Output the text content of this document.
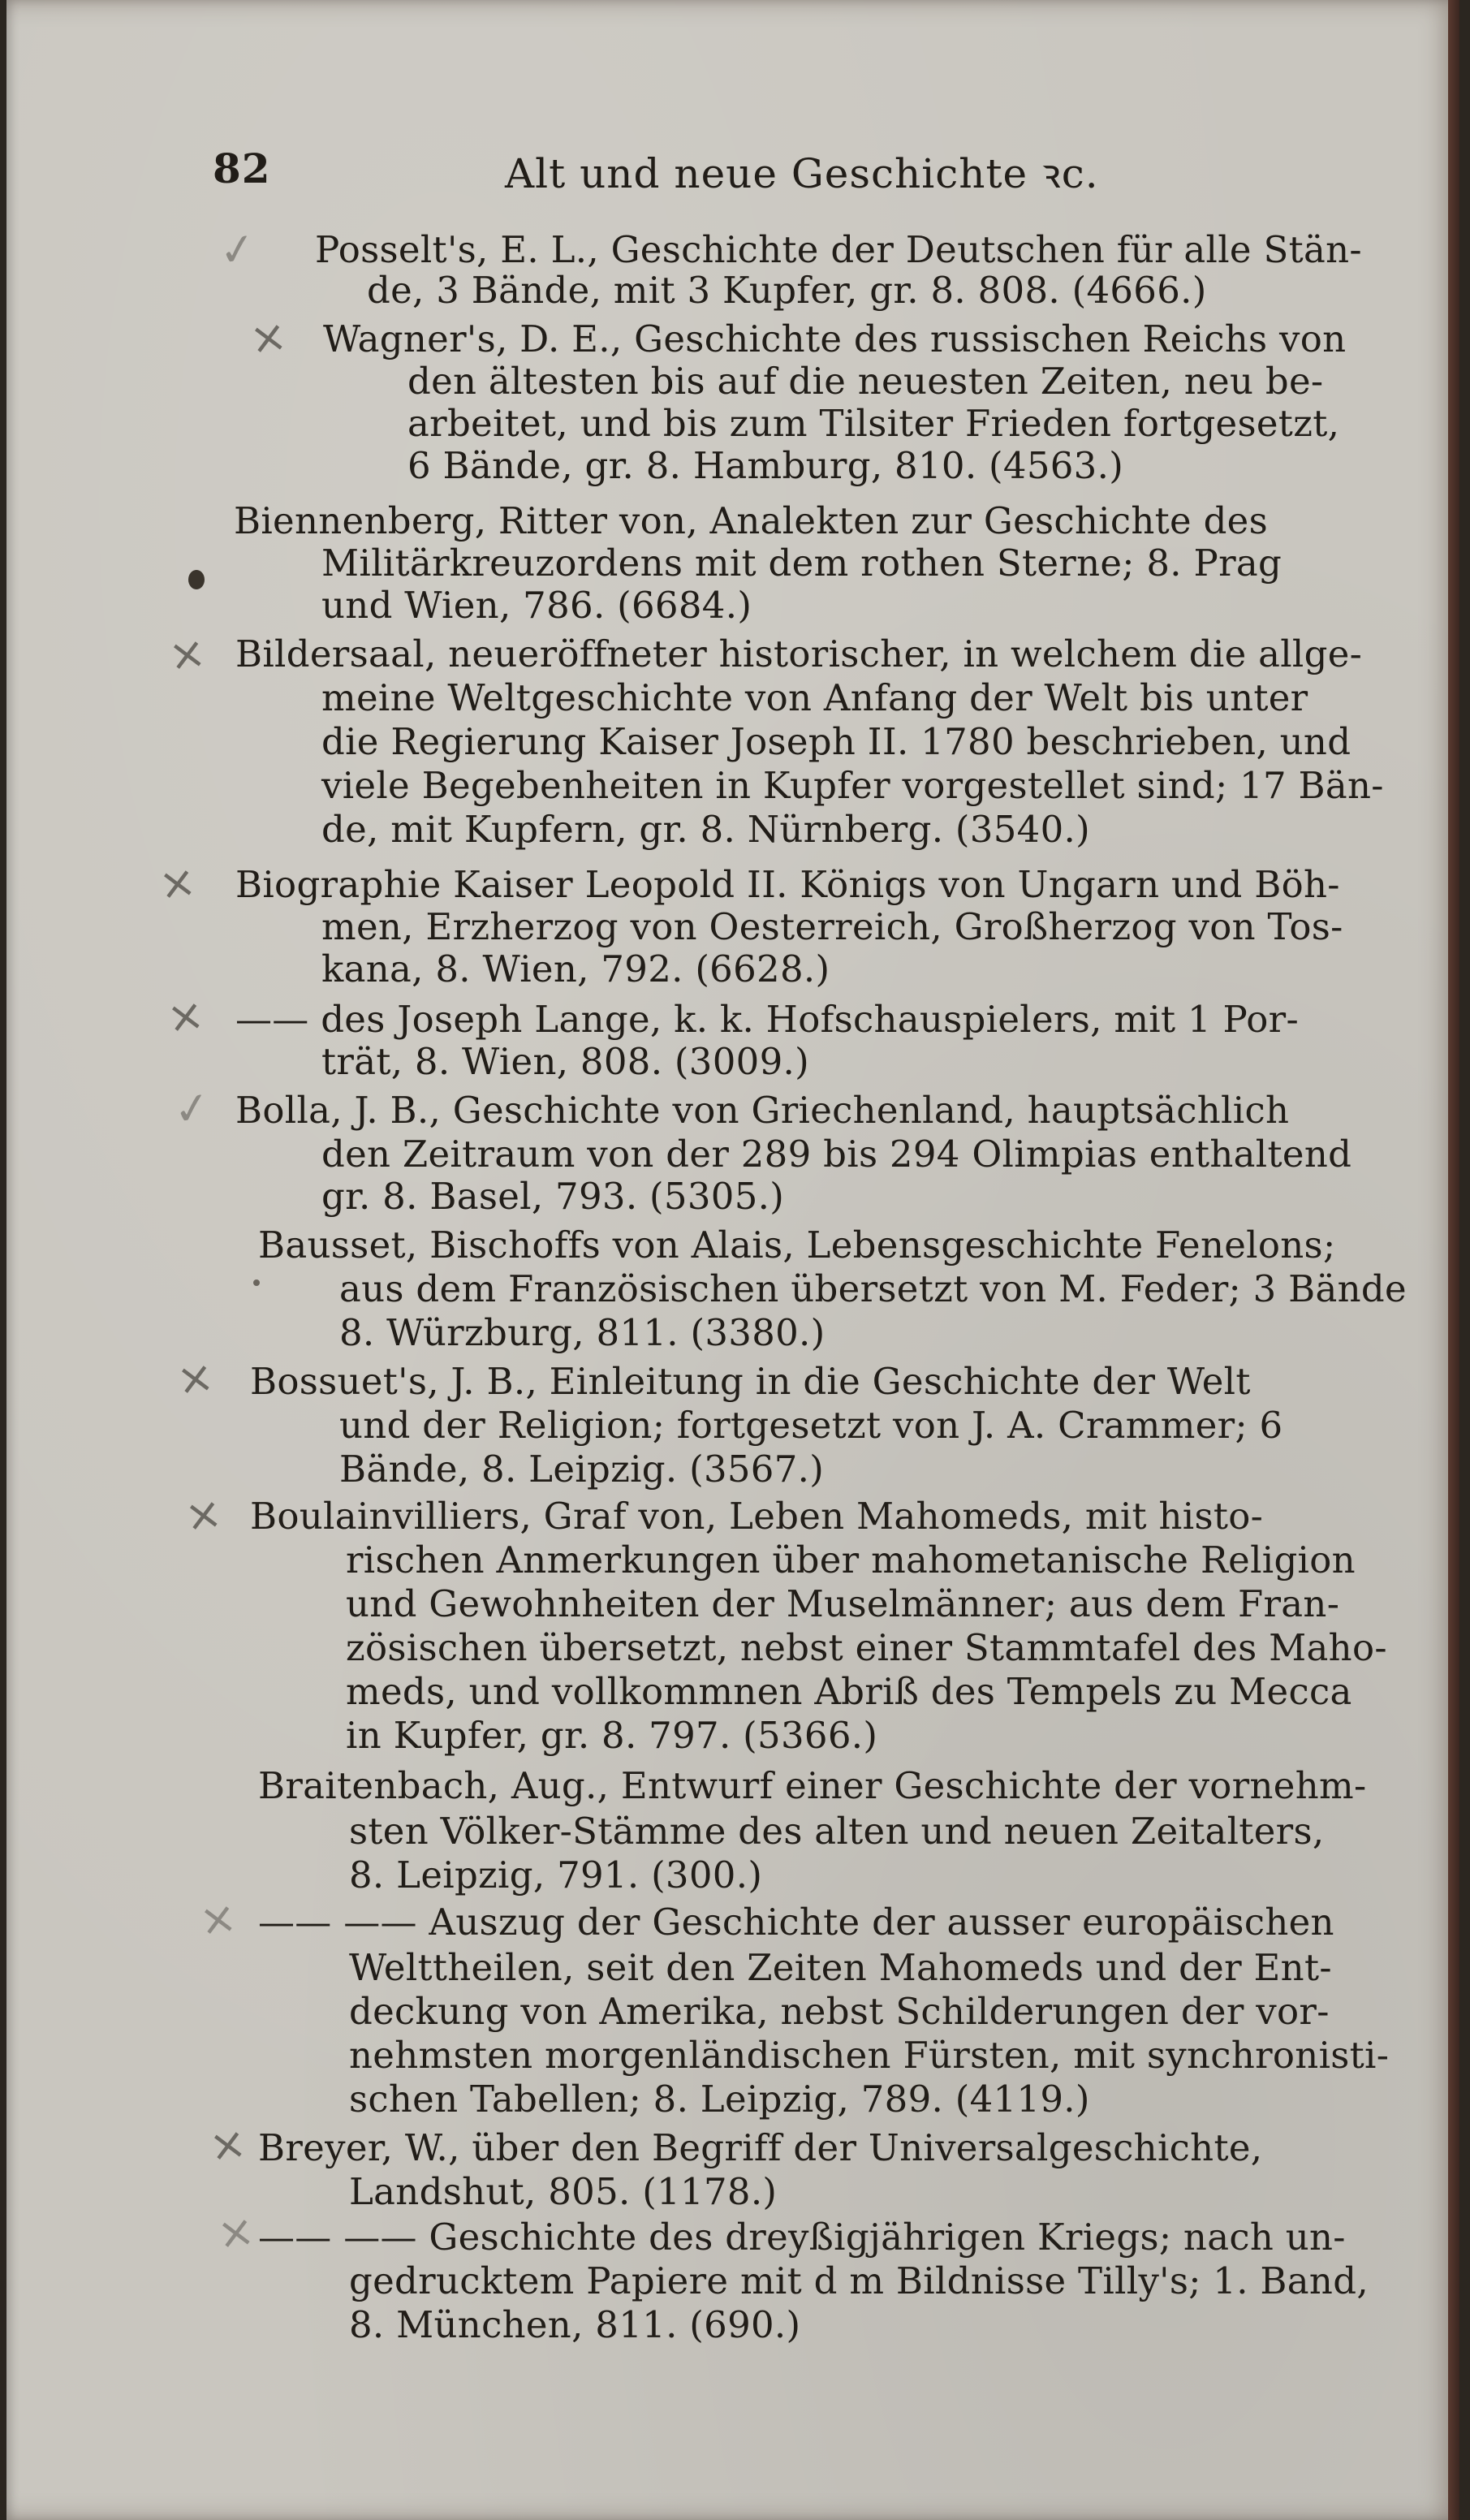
82	Alt und neue Geschichte ꝛc.
✓ Posselt's, E. L., Geschichte der Deutschen für alle Stän-
de, 3 Bände, mit 3 Kupfer, gr. 8. 808. (4666.)
× Wagner's, D. E., Geschichte des russischen Reichs von
den ältesten bis auf die neuesten Zeiten, neu be-
arbeitet, und bis zum Tilsiter Frieden fortgesetzt,
6 Bände, gr. 8. Hamburg, 810. (4563.)
Biennenberg, Ritter von, Analekten zur Geschichte des
Militärkreuzordens mit dem rothen Sterne; 8. Prag
und Wien, 786. (6684.)
× Bildersaal, neueröffneter historischer, in welchem die allge-
meine Weltgeschichte von Anfang der Welt bis unter
die Regierung Kaiser Joseph II. 1780 beschrieben, und
viele Begebenheiten in Kupfer vorgestellet sind; 17 Bän-
de, mit Kupfern, gr. 8. Nürnberg. (3540.)
× Biographie Kaiser Leopold II. Königs von Ungarn und Böh-
men, Erzherzog von Oesterreich, Großherzog von Tos-
kana, 8. Wien, 792. (6628.)
× —— des Joseph Lange, k. k. Hofschauspielers, mit 1 Por-
trät, 8. Wien, 808. (3009.)
✓ Bolla, J. B., Geschichte von Griechenland, hauptsächlich
den Zeitraum von der 289 bis 294 Olimpias enthaltend
gr. 8. Basel, 793. (5305.)
Bausset, Bischoffs von Alais, Lebensgeschichte Fenelons;
aus dem Französischen übersetzt von M. Feder; 3 Bände
8. Würzburg, 811. (3380.)
× Bossuet's, J. B., Einleitung in die Geschichte der Welt
und der Religion; fortgesetzt von J. A. Crammer; 6
Bände, 8. Leipzig. (3567.)
× Boulainvilliers, Graf von, Leben Mahomeds, mit histo-
rischen Anmerkungen über mahometanische Religion
und Gewohnheiten der Muselmänner; aus dem Fran-
zösischen übersetzt, nebst einer Stammtafel des Maho-
meds, und vollkommnen Abriß des Tempels zu Mecca
in Kupfer, gr. 8. 797. (5366.)
Braitenbach, Aug., Entwurf einer Geschichte der vornehm-
sten Völker-Stämme des alten und neuen Zeitalters,
8. Leipzig, 791. (300.)
× —— —— Auszug der Geschichte der ausser europäischen
Welttheilen, seit den Zeiten Mahomeds und der Ent-
deckung von Amerika, nebst Schilderungen der vor-
nehmsten morgenländischen Fürsten, mit synchronisti-
schen Tabellen; 8. Leipzig, 789. (4119.)
× Breyer, W., über den Begriff der Universalgeschichte,
Landshut, 805. (1178.)
× —— —— Geschichte des dreyßigjährigen Kriegs; nach un-
gedrucktem Papiere mit d m Bildnisse Tilly's; 1. Band,
8. München, 811. (690.)
